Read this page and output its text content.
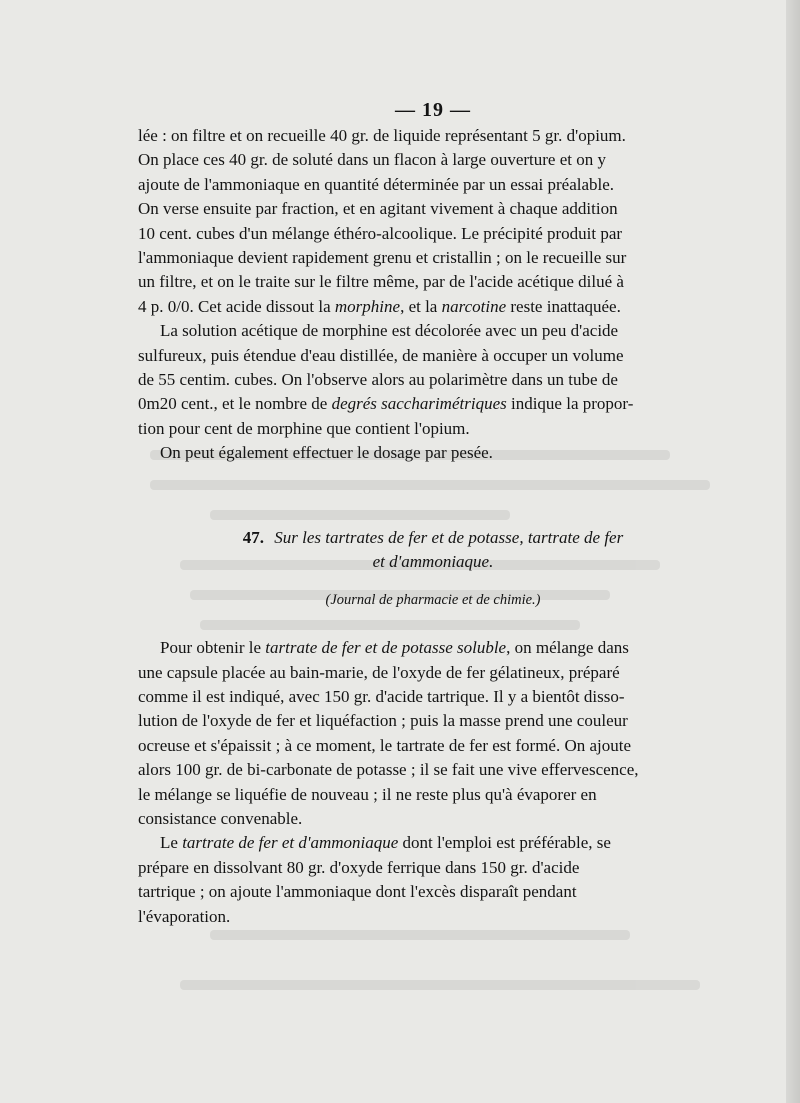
— 19 —

lée : on filtre et on recueille 40 gr. de liquide représentant 5 gr. d'opium.
On place ces 40 gr. de soluté dans un flacon à large ouverture et on y
ajoute de l'ammoniaque en quantité déterminée par un essai préalable.
On verse ensuite par fraction, et en agitant vivement à chaque addition
10 cent. cubes d'un mélange éthéro-alcoolique. Le précipité produit par
l'ammoniaque devient rapidement grenu et cristallin ; on le recueille sur
un filtre, et on le traite sur le filtre même, par de l'acide acétique dilué à
4 p. 0/0. Cet acide dissout la morphine, et la narcotine reste inattaquée.

La solution acétique de morphine est décolorée avec un peu d'acide
sulfureux, puis étendue d'eau distillée, de manière à occuper un volume
de 55 centim. cubes. On l'observe alors au polarimètre dans un tube de
0m20 cent., et le nombre de degrés saccharimétriques indique la propor-
tion pour cent de morphine que contient l'opium.

On peut également effectuer le dosage par pesée.

47. Sur les tartrates de fer et de potasse, tartrate de fer
et d'ammoniaque.
(Journal de pharmacie et de chimie.)

Pour obtenir le tartrate de fer et de potasse soluble, on mélange dans
une capsule placée au bain-marie, de l'oxyde de fer gélatineux, préparé
comme il est indiqué, avec 150 gr. d'acide tartrique. Il y a bientôt disso-
lution de l'oxyde de fer et liquéfaction ; puis la masse prend une couleur
ocreuse et s'épaissit ; à ce moment, le tartrate de fer est formé. On ajoute
alors 100 gr. de bi-carbonate de potasse ; il se fait une vive effervescence,
le mélange se liquéfie de nouveau ; il ne reste plus qu'à évaporer en
consistance convenable.

Le tartrate de fer et d'ammoniaque dont l'emploi est préférable, se
prépare en dissolvant 80 gr. d'oxyde ferrique dans 150 gr. d'acide
tartrique ; on ajoute l'ammoniaque dont l'excès disparaît pendant
l'évaporation.
